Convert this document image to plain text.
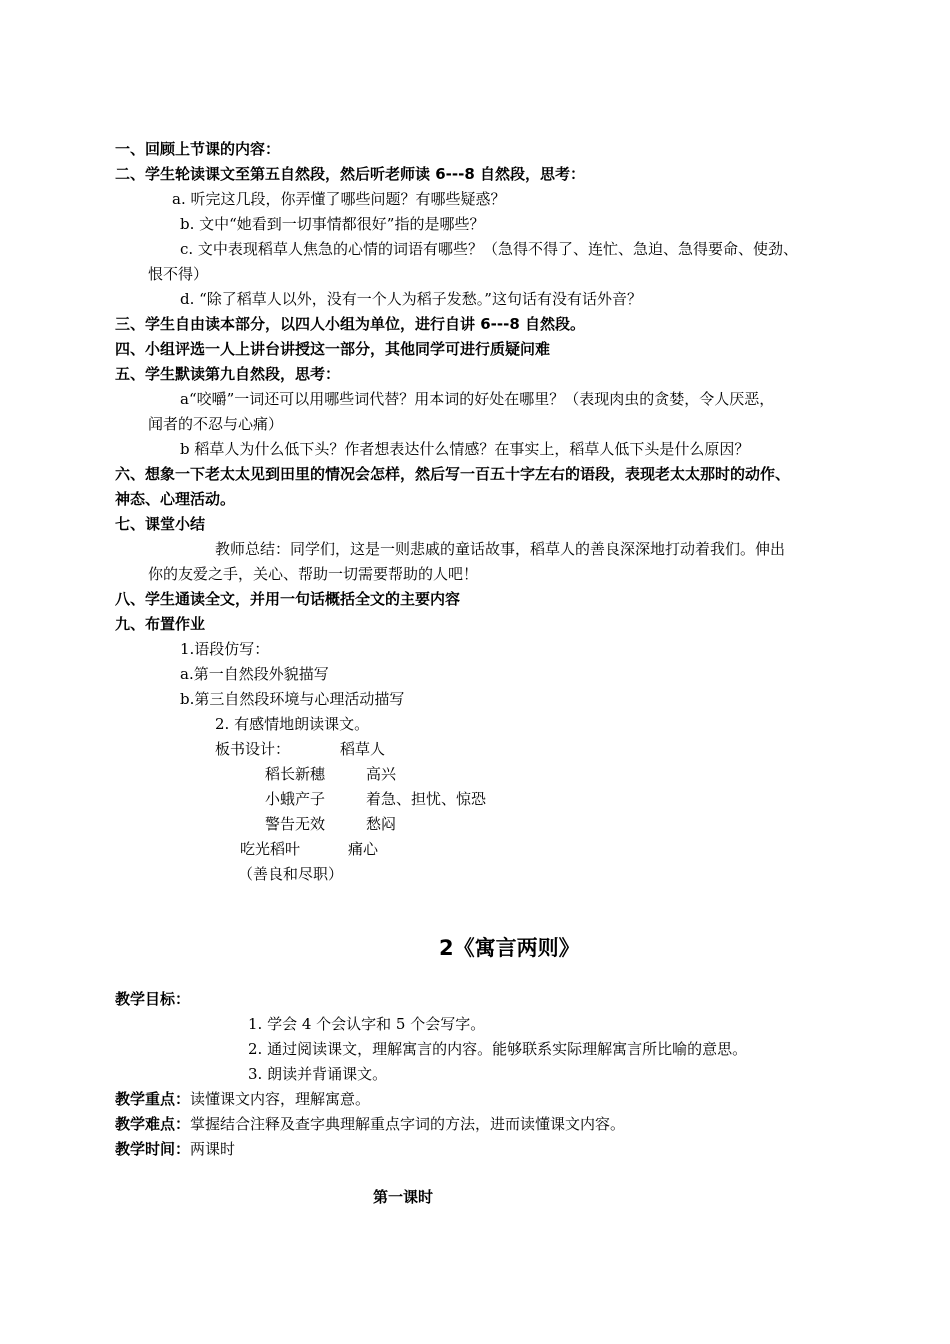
一、回顾上节课的内容：
二、学生轮读课文至第五自然段，然后听老师读 6---8 自然段，思考：
a. 听完这几段，你弄懂了哪些问题？有哪些疑惑？
b. 文中“她看到一切事情都很好”指的是哪些？
c. 文中表现稻草人焦急的心情的词语有哪些？（急得不得了、连忙、急迫、急得要命、使劲、
恨不得）
d. “除了稻草人以外，没有一个人为稻子发愁。”这句话有没有话外音？
三、学生自由读本部分，以四人小组为单位，进行自讲 6---8 自然段。
四、小组评选一人上讲台讲授这一部分，其他同学可进行质疑问难
五、学生默读第九自然段，思考：
a“咬嚼”一词还可以用哪些词代替？用本词的好处在哪里？（表现肉虫的贪婪，令人厌恶，
闻者的不忍与心痛）
b 稻草人为什么低下头？作者想表达什么情感？在事实上，稻草人低下头是什么原因？
六、想象一下老太太见到田里的情况会怎样，然后写一百五十字左右的语段，表现老太太那时的动作、
神态、心理活动。
七、课堂小结
教师总结：同学们，这是一则悲戚的童话故事，稻草人的善良深深地打动着我们。伸出
你的友爱之手，关心、帮助一切需要帮助的人吧！
八、学生通读全文，并用一句话概括全文的主要内容
九、布置作业
1.语段仿写：
a.第一自然段外貌描写
b.第三自然段环境与心理活动描写
2. 有感情地朗读课文。
板书设计：	稻草人
稻长新穗	高兴
小蛾产子	着急、担忧、惊恐
警告无效	愁闷
吃光稻叶	痛心
（善良和尽职）
2《寓言两则》
教学目标：
1. 学会 4 个会认字和 5 个会写字。
2. 通过阅读课文，理解寓言的内容。能够联系实际理解寓言所比喻的意思。
3. 朗读并背诵课文。
教学重点：读懂课文内容，理解寓意。
教学难点：掌握结合注释及查字典理解重点字词的方法，进而读懂课文内容。
教学时间：两课时
第一课时
